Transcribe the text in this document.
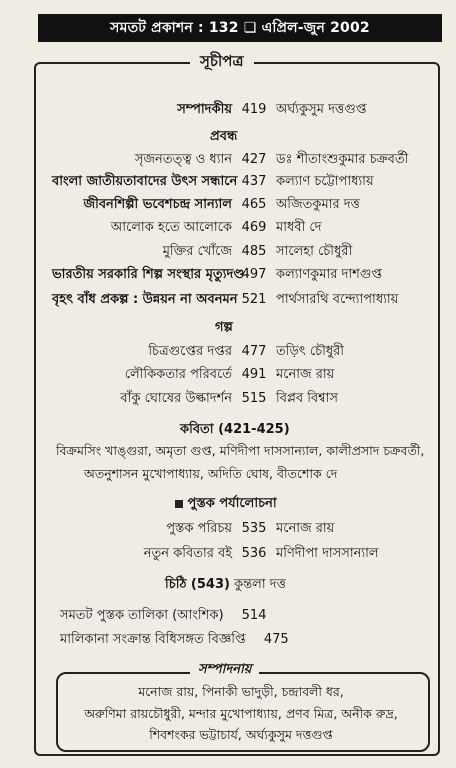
সমতট প্রকাশন : 132 ❏ এপ্রিল-জুন 2002
সূচীপত্র
সম্পাদকীয় 419 অর্ঘ্যকুসুম দত্তগুপ্ত
প্রবন্ধ
সৃজনতত্ত্ব ও ধ্যান 427 ডঃ শীতাংশুকুমার চক্রবর্তী
বাংলা জাতীয়তাবাদের উৎস সন্ধানে 437 কল্যাণ চট্টোপাধ্যায়
জীবনশিল্পী ভবেশচন্দ্র সান্যাল 465 অজিতকুমার দত্ত
আলোক হতে আলোকে 469 মাধবী দে
মুক্তির খোঁজে 485 সালেহা চৌধুরী
ভারতীয় সরকারি শিল্প সংস্থার মৃত্যুদণ্ড
497 কল্যাণকুমার দাশগুপ্ত
বৃহৎ বাঁধ প্রকল্প : উন্নয়ন না অবনমন 521 পার্থসারথি বন্দ্যোপাধ্যায়
গল্প
চিত্রগুপ্তের দপ্তর 477 তড়িৎ চৌধুরী
লৌকিকতার পরিবর্তে 491 মনোজ রায়
বাঁকু ঘোষের উল্কাদর্শন 515 বিপ্লব বিশ্বাস
কবিতা (421-425)
বিক্রমসিং খাঙ্গুরা, অমৃতা গুপ্ত, মণিদীপা দাসসান্যাল, কালীপ্রসাদ চক্রবর্তী,
অতনুশাসন মুখোপাধ্যায়, অদিতি ঘোষ, বীতশোক দে
পুস্তক পর্যালোচনা
পুস্তক পরিচয় 535 মনোজ রায়
নতুন কবিতার বই 536 মণিদীপা দাসসান্যাল
চিঠি (543) কুন্তলা দত্ত
সমতট পুস্তক তালিকা (আংশিক) 514
মালিকানা সংক্রান্ত বিধিসঙ্গত বিজ্ঞপ্তি 475
সম্পাদনায়
মনোজ রায়, পিনাকী ভাদুড়ী, চন্দ্রাবলী ধর,
অরুণিমা রায়চৌধুরী, মন্দার মুখোপাধ্যায়, প্রণব মিত্র, অনীক রুদ্র,
শিবশংকর ভট্টাচার্য, অর্ঘ্যকুসুম দত্তগুপ্ত
